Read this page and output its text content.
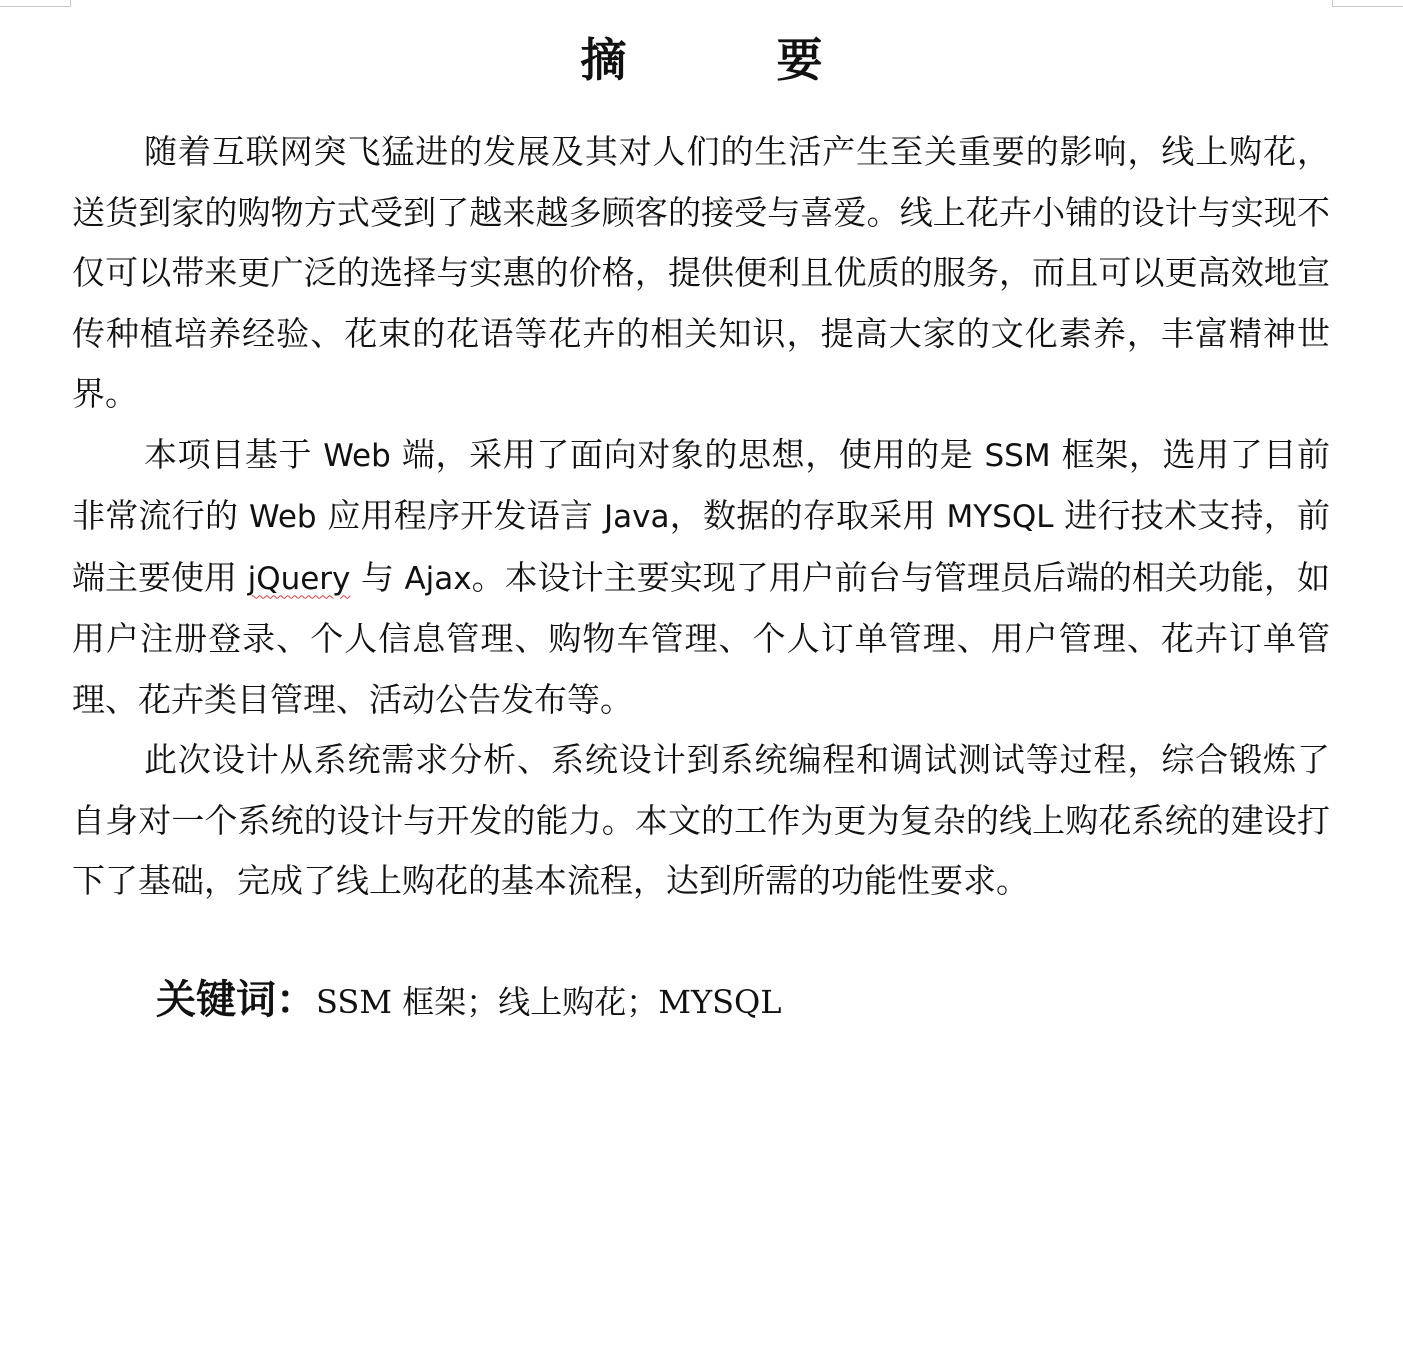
摘　要

随着互联网突飞猛进的发展及其对人们的生活产生至关重要的影响，线上购花，送货到家的购物方式受到了越来越多顾客的接受与喜爱。线上花卉小铺的设计与实现不仅可以带来更广泛的选择与实惠的价格，提供便利且优质的服务，而且可以更高效地宣传种植培养经验、花束的花语等花卉的相关知识，提高大家的文化素养，丰富精神世界。

本项目基于 Web 端，采用了面向对象的思想，使用的是 SSM 框架，选用了目前非常流行的 Web 应用程序开发语言 Java，数据的存取采用 MYSQL 进行技术支持，前端主要使用 jQuery 与 Ajax。本设计主要实现了用户前台与管理员后端的相关功能，如用户注册登录、个人信息管理、购物车管理、个人订单管理、用户管理、花卉订单管理、花卉类目管理、活动公告发布等。

此次设计从系统需求分析、系统设计到系统编程和调试测试等过程，综合锻炼了自身对一个系统的设计与开发的能力。本文的工作为更为复杂的线上购花系统的建设打下了基础，完成了线上购花的基本流程，达到所需的功能性要求。

关键词：SSM 框架；线上购花；MYSQL
